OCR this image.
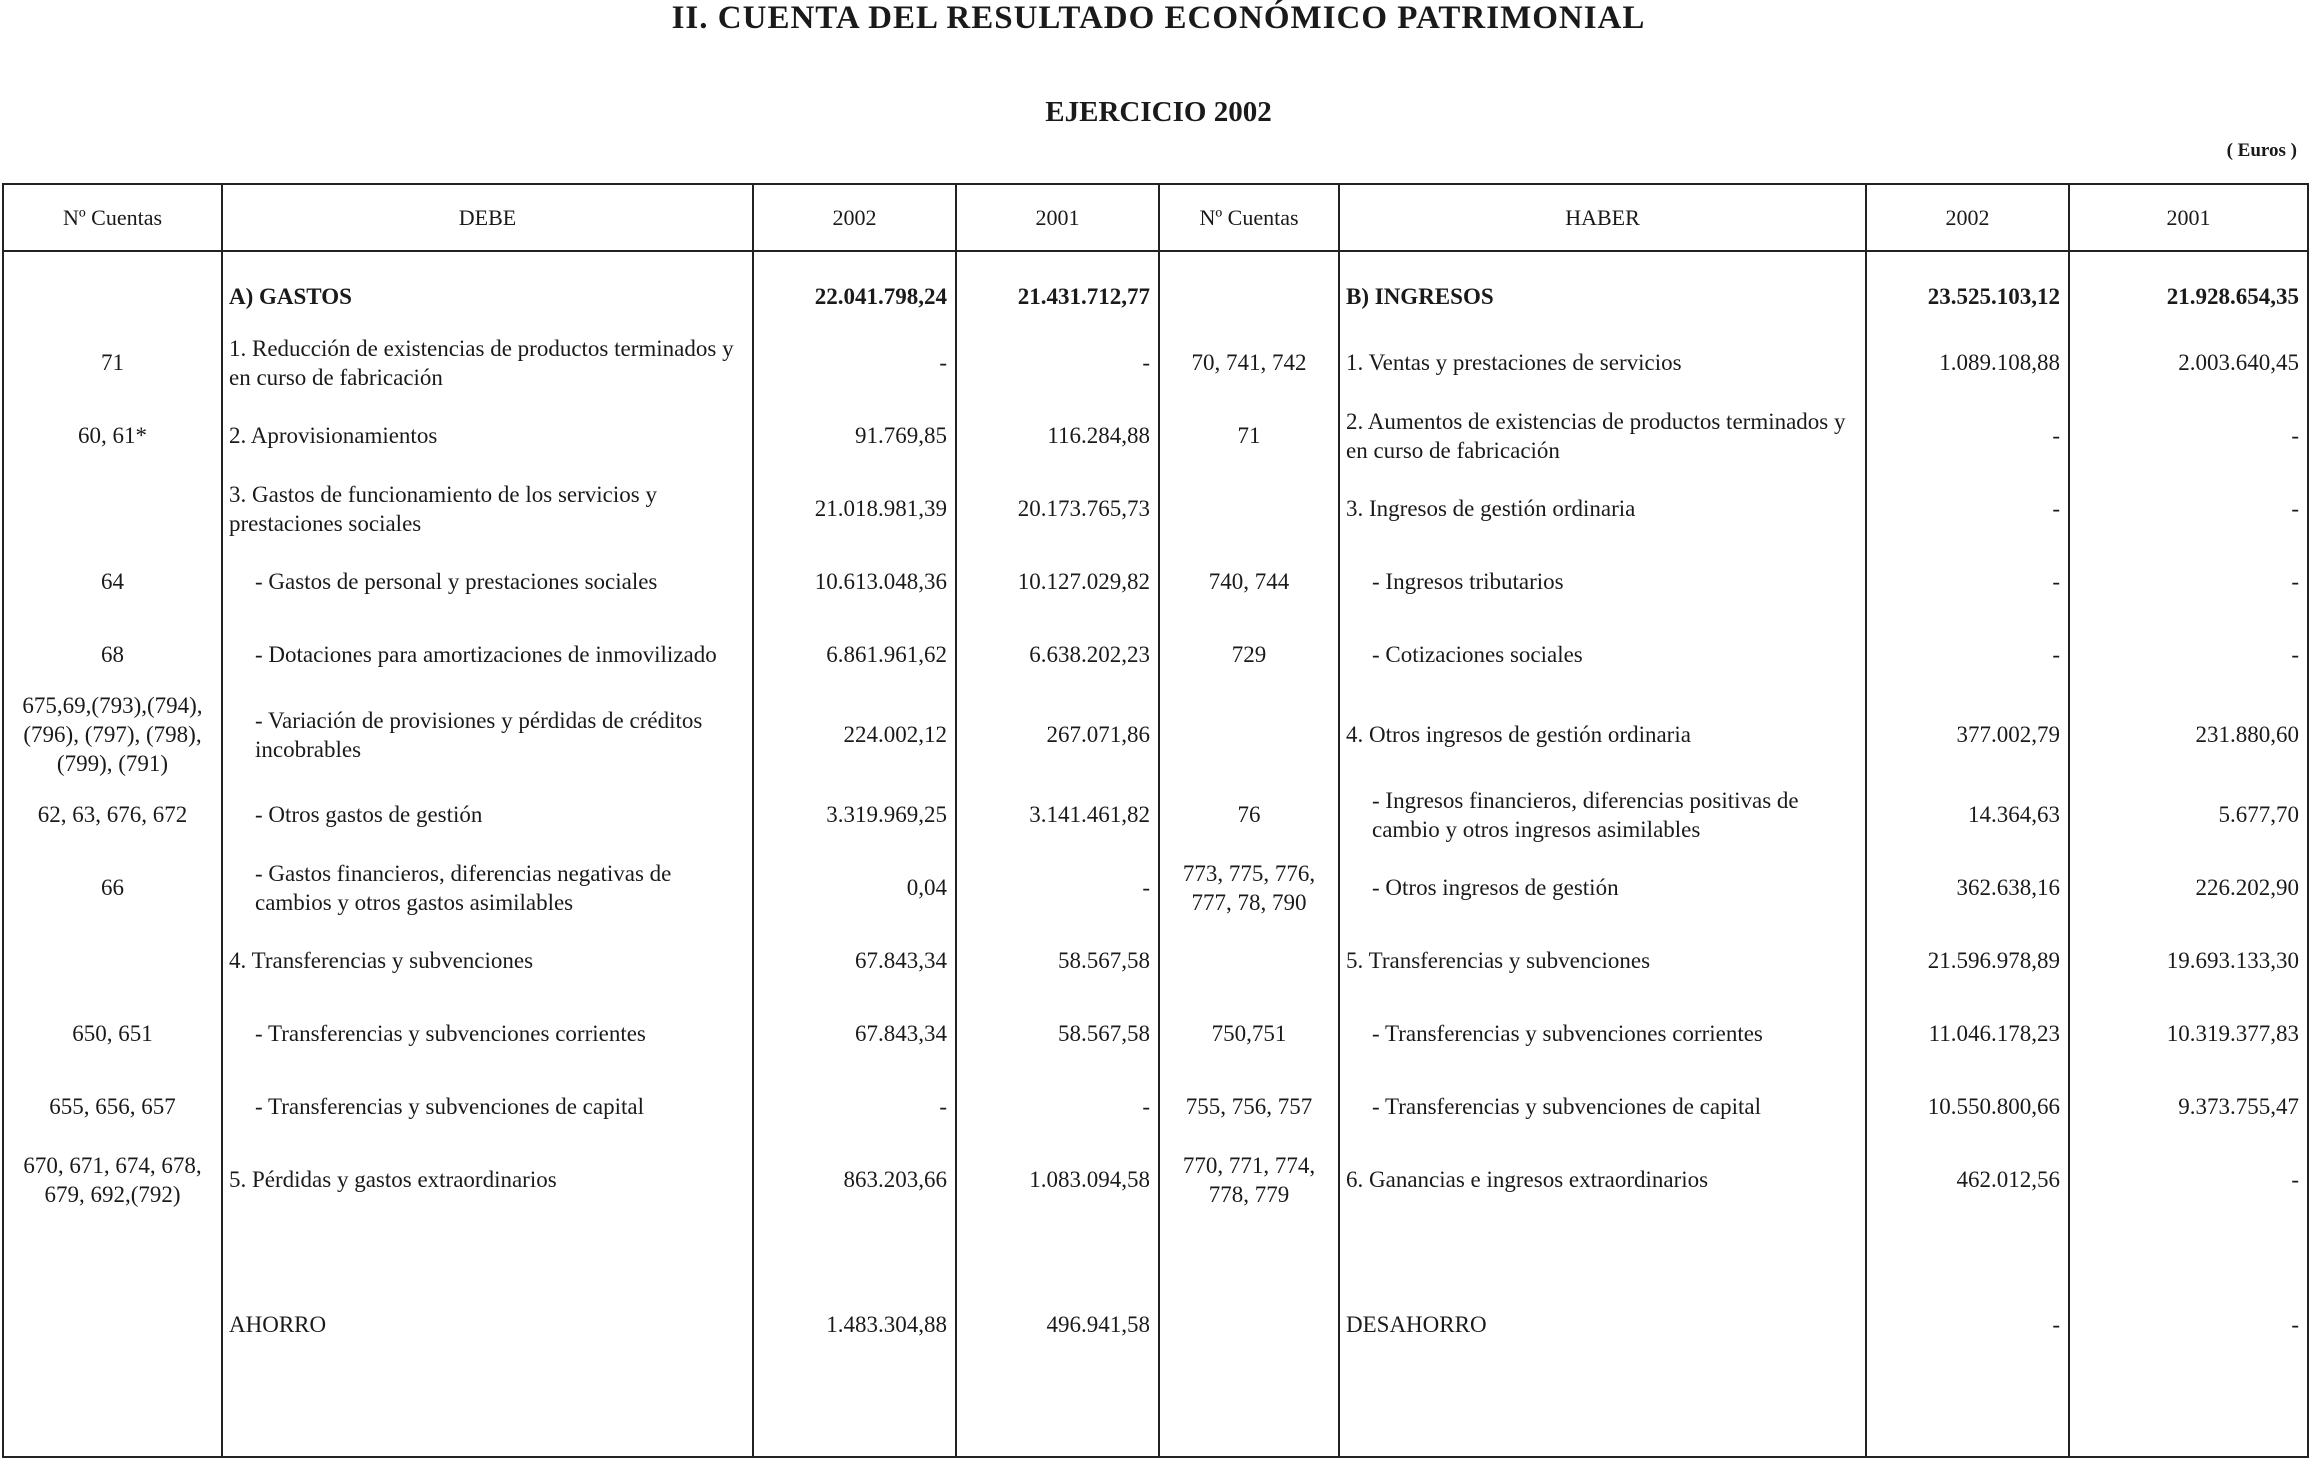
II. CUENTA DEL RESULTADO ECONÓMICO PATRIMONIAL
EJERCICIO 2002
( Euros )
Nº Cuentas	DEBE	2002	2001	Nº Cuentas	HABER	2002	2001

	A) GASTOS	22.041.798,24	21.431.712,77		B) INGRESOS	23.525.103,12	21.928.654,35
71	1. Reducción de existencias de productos terminados y en curso de fabricación	-	-	70, 741, 742	1. Ventas y prestaciones de servicios	1.089.108,88	2.003.640,45
60, 61*	2. Aprovisionamientos	91.769,85	116.284,88	71	2. Aumentos de existencias de productos terminados y en curso de fabricación	-	-
	3. Gastos de funcionamiento de los servicios y prestaciones sociales	21.018.981,39	20.173.765,73		3. Ingresos de gestión ordinaria	-	-
64	- Gastos de personal y prestaciones sociales	10.613.048,36	10.127.029,82	740, 744	- Ingresos tributarios	-	-
68	- Dotaciones para amortizaciones de inmovilizado	6.861.961,62	6.638.202,23	729	- Cotizaciones sociales	-	-
675,69,(793),(794),(796), (797), (798), (799), (791)	- Variación de provisiones y pérdidas de créditos incobrables	224.002,12	267.071,86		4. Otros ingresos de gestión ordinaria	377.002,79	231.880,60
62, 63, 676, 672	- Otros gastos de gestión	3.319.969,25	3.141.461,82	76	- Ingresos financieros, diferencias positivas de cambio y otros ingresos asimilables	14.364,63	5.677,70
66	- Gastos financieros, diferencias negativas de cambios y otros gastos asimilables	0,04	-	773, 775, 776, 777, 78, 790	- Otros ingresos de gestión	362.638,16	226.202,90
	4. Transferencias y subvenciones	67.843,34	58.567,58		5. Transferencias y subvenciones	21.596.978,89	19.693.133,30
650, 651	- Transferencias y subvenciones corrientes	67.843,34	58.567,58	750,751	- Transferencias y subvenciones corrientes	11.046.178,23	10.319.377,83
655, 656, 657	- Transferencias y subvenciones de capital	-	-	755, 756, 757	- Transferencias y subvenciones de capital	10.550.800,66	9.373.755,47
670, 671, 674, 678, 679, 692,(792)	5. Pérdidas y gastos extraordinarios	863.203,66	1.083.094,58	770, 771, 774, 778, 779	6. Ganancias e ingresos extraordinarios	462.012,56	-

	AHORRO	1.483.304,88	496.941,58		DESAHORRO	-	-
